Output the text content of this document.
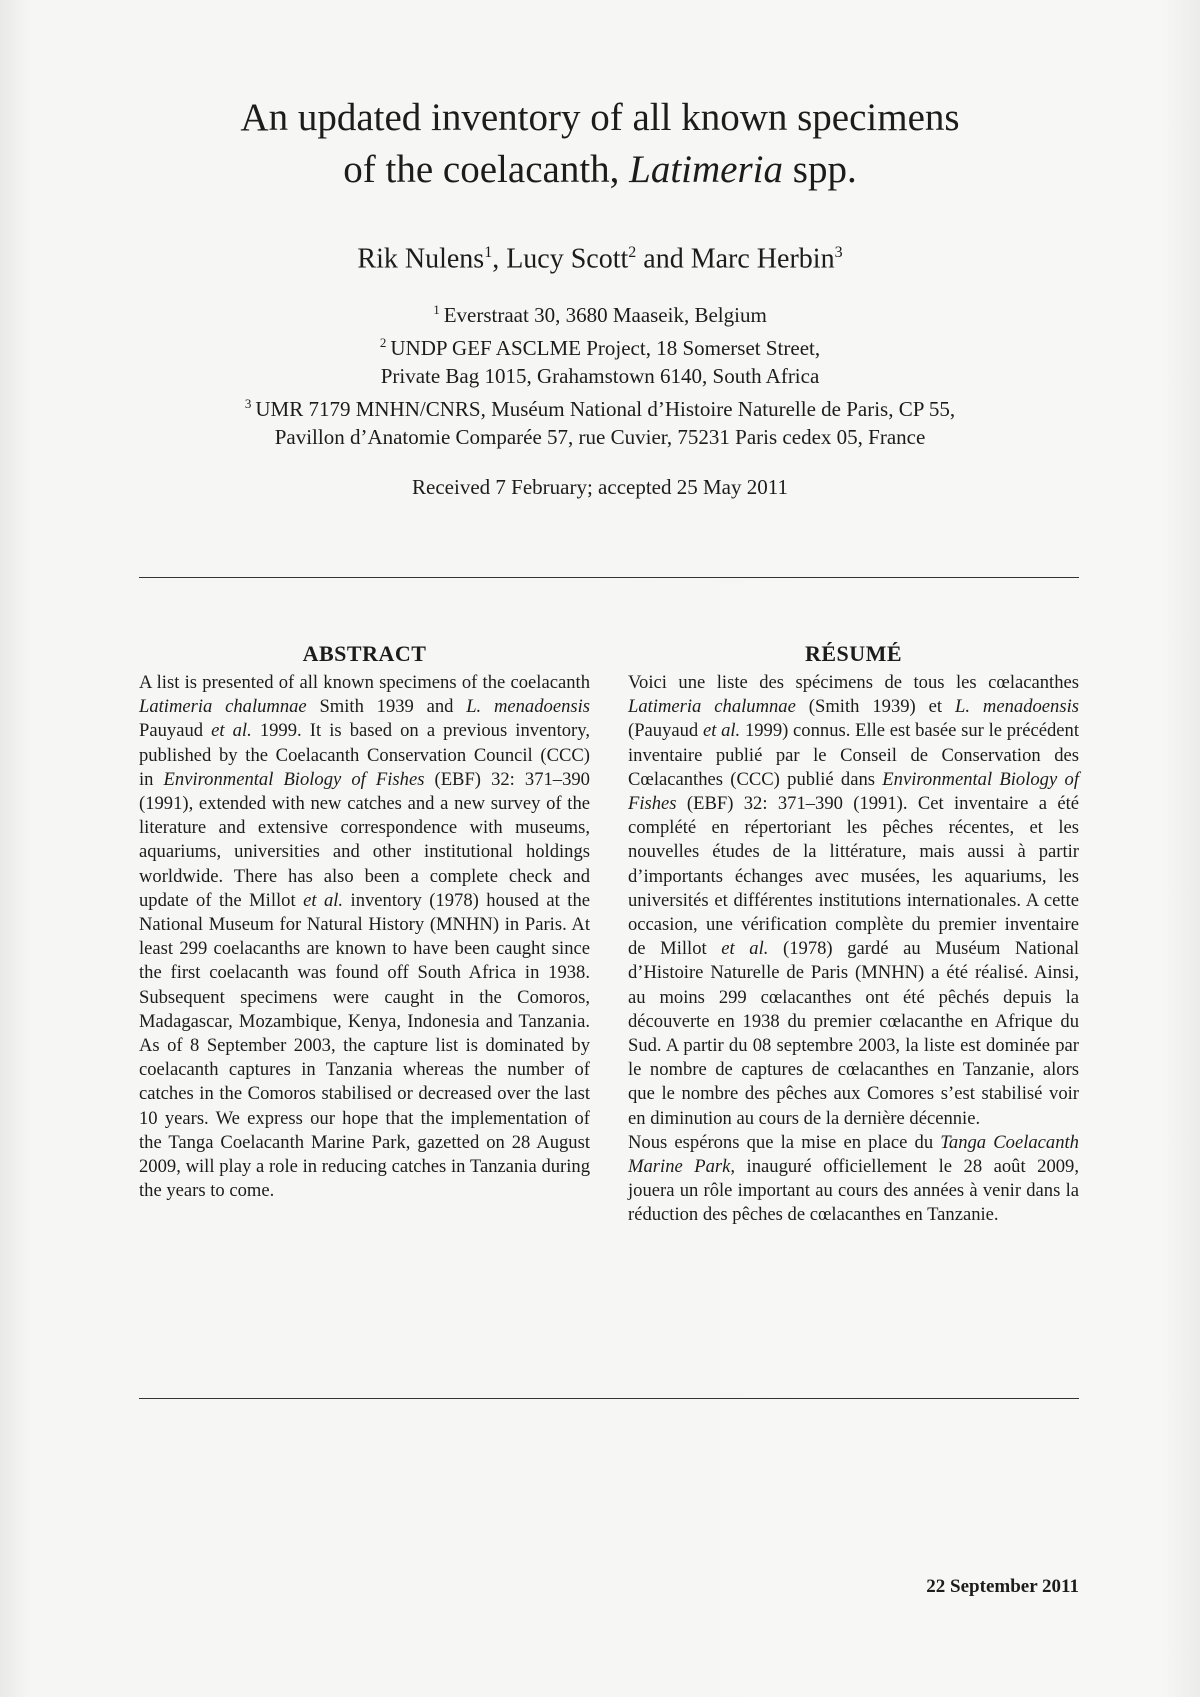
An updated inventory of all known specimens
of the coelacanth, Latimeria spp.
Rik Nulens$^1$, Lucy Scott$^2$ and Marc Herbin$^3$
$^1$ Everstraat 30, 3680 Maaseik, Belgium
$^2$ UNDP GEF ASCLME Project, 18 Somerset Street,
Private Bag 1015, Grahamstown 6140, South Africa
$^3$ UMR 7179 MNHN/CNRS, Muséum National d’Histoire Naturelle de Paris, CP 55,
Pavillon d’Anatomie Comparée 57, rue Cuvier, 75231 Paris cedex 05, France
Received 7 February; accepted 25 May 2011
ABSTRACT

A list is presented of all known specimens of the coelacanth Latimeria chalumnae Smith 1939 and L. menadoensis Pauyaud et al. 1999. It is based on a previous inventory, published by the Coelacanth Conservation Council (CCC) in Environmental Biology of Fishes (EBF) 32: 371–390 (1991), extended with new catches and a new survey of the literature and extensive correspondence with museums, aquariums, universities and other institutional holdings worldwide. There has also been a complete check and update of the Millot et al. inventory (1978) housed at the National Museum for Natural History (MNHN) in Paris. At least 299 coelacanths are known to have been caught since the first coelacanth was found off South Africa in 1938. Subsequent specimens were caught in the Comoros, Madagascar, Mozambique, Kenya, Indonesia and Tanzania. As of 8 September 2003, the capture list is dominated by coelacanth captures in Tanzania whereas the number of catches in the Comoros stabilised or decreased over the last 10 years. We express our hope that the implementation of the Tanga Coelacanth Marine Park, gazetted on 28 August 2009, will play a role in reducing catches in Tanzania during the years to come.

RÉSUMÉ

Voici une liste des spécimens de tous les cœlacanthes Latimeria chalumnae (Smith 1939) et L. menadoensis (Pauyaud et al. 1999) connus. Elle est basée sur le précédent inventaire publié par le Conseil de Conservation des Cœlacanthes (CCC) publié dans Environmental Biology of Fishes (EBF) 32: 371–390 (1991). Cet inventaire a été complété en répertoriant les pêches récentes, et les nouvelles études de la littérature, mais aussi à partir d’importants échanges avec musées, les aquariums, les universités et différentes institutions internationales. A cette occasion, une vérification complète du premier inventaire de Millot et al. (1978) gardé au Muséum National d’Histoire Naturelle de Paris (MNHN) a été réalisé. Ainsi, au moins 299 cœlacanthes ont été pêchés depuis la découverte en 1938 du premier cœlacanthe en Afrique du Sud. A partir du 08 septembre 2003, la liste est dominée par le nombre de captures de cœlacanthes en Tanzanie, alors que le nombre des pêches aux Comores s’est stabilisé voir en diminution au cours de la dernière décennie.

Nous espérons que la mise en place du Tanga Coelacanth Marine Park, inauguré officiellement le 28 août 2009, jouera un rôle important au cours des années à venir dans la réduction des pêches de cœlacanthes en Tanzanie.

22 September 2011
